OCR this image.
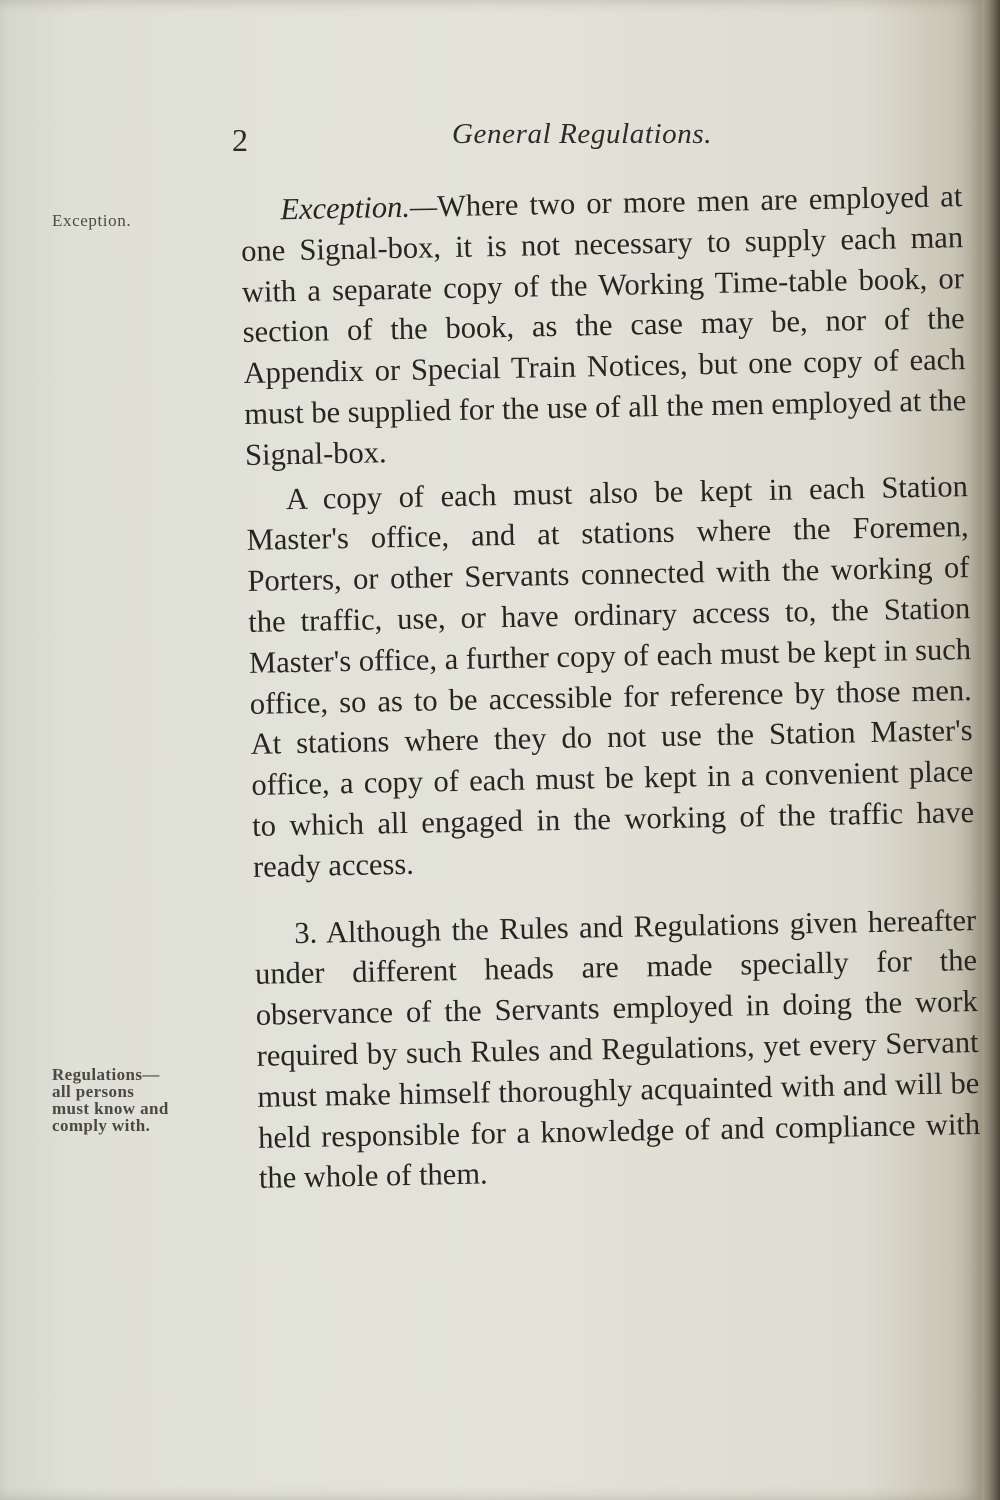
2	General Regulations.
Exception.
Regulations—
all persons
must know and
comply with.

Exception.—Where two or more men are employed at one Signal-box, it is not necessary to supply each man with a separate copy of the Working Time-table book, or section of the book, as the case may be, nor of the Appendix or Special Train Notices, but one copy of each must be supplied for the use of all the men employed at the Signal-box.

A copy of each must also be kept in each Station Master's office, and at stations where the Foremen, Porters, or other Servants connected with the working of the traffic, use, or have ordinary access to, the Station Master's office, a further copy of each must be kept in such office, so as to be accessible for reference by those men. At stations where they do not use the Station Master's office, a copy of each must be kept in a convenient place to which all engaged in the working of the traffic have ready access.

3. Although the Rules and Regulations given hereafter under different heads are made specially for the observance of the Servants employed in doing the work required by such Rules and Regulations, yet every Servant must make himself thoroughly acquainted with and will be held responsible for a knowledge of and compliance with the whole of them.
